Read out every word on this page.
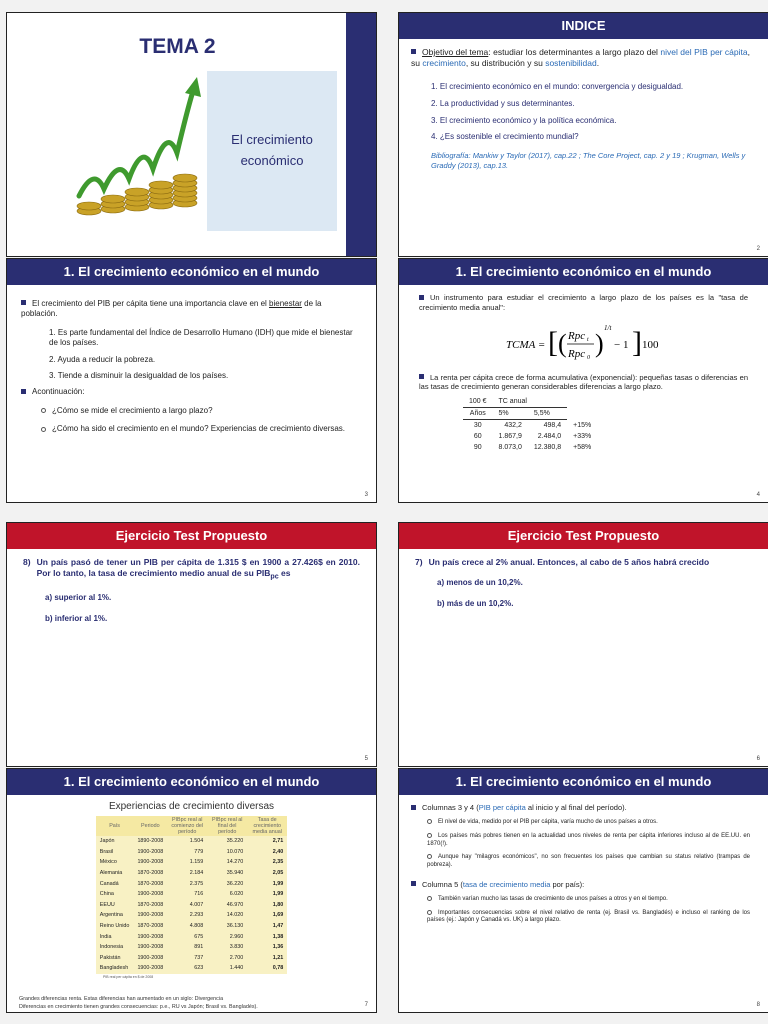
TEMA 2
El crecimiento económico
INDICE
Objetivo del tema: estudiar los determinantes a largo plazo del nivel del PIB per cápita, su crecimiento, su distribución y su sostenibilidad.
1. El crecimiento económico en el mundo: convergencia y desigualdad.
2. La productividad y sus determinantes.
3. El crecimiento económico y la política económica.
4. ¿Es sostenible el crecimiento mundial?
Bibliografía: Mankiw y Taylor (2017), cap.22 ; The Core Project, cap. 2 y 19 ; Krugman, Wells y Graddy (2013), cap.13.
2
1. El crecimiento económico en el mundo
El crecimiento del PIB per cápita tiene una importancia clave en el bienestar de la población.
1. Es parte fundamental del Índice de Desarrollo Humano (IDH) que mide el bienestar de los países.
2. Ayuda a reducir la pobreza.
3. Tiende a disminuir la desigualdad de los países.
Acontinuación:
¿Cómo se mide el crecimiento a largo plazo?
¿Cómo ha sido el crecimiento en el mundo? Experiencias de crecimiento diversas.
3
1. El crecimiento económico en el mundo
Un instrumento para estudiar el crecimiento a largo plazo de los países es la "tasa de crecimiento media anual":
TCMA = [ ( Rpc t
Rpc 0 )
1/t
− 1 ] 100
La renta per cápita crece de forma acumulativa (exponencial): pequeñas tasas o diferencias en las tasas de crecimiento generan considerables diferencias a largo plazo.
100 €	TC anual		
Años	5%	5,5%	
30	432,2	498,4	+15%
60	1.867,9	2.484,0	+33%
90	8.073,0	12.380,8	+58%
4
Ejercicio Test Propuesto
8) Un país pasó de tener un PIB per cápita de 1.315 $ en 1900 a 27.426$ en 2010. Por lo tanto, la tasa de crecimiento medio anual de su $PIB_{pc}$ es
a) superior al 1%.
b) inferior al 1%.
5
Ejercicio Test Propuesto
7) Un país crece al 2% anual. Entonces, al cabo de 5 años habrá crecido
a) menos de un 10,2%.
b) más de un 10,2%.
6
1. El crecimiento económico en el mundo
Experiencias de crecimiento diversas
País	Periodo	PIBpc real al comienzo del período	PIBpc real al final del período	Tasa de crecimiento media anual
Japón	1890-2008	1.504	35.220	2,71
Brasil	1900-2008	779	10.070	2,40
México	1900-2008	1.159	14.270	2,35
Alemania	1870-2008	2.184	35.940	2,05
Canadá	1870-2008	2.375	36.220	1,99
China	1900-2008	716	6.020	1,99
EEUU	1870-2008	4.007	46.970	1,80
Argentina	1900-2008	2.293	14.020	1,69
Reino Unido	1870-2008	4.808	36.130	1,47
India	1900-2008	675	2.960	1,38
Indonesia	1900-2008	891	3.830	1,36
Pakistán	1900-2008	737	2.700	1,21
Bangladesh	1900-2008	623	1.440	0,78
PIB real per cápita en $ de 2008
Grandes diferencias renta. Estas diferencias han aumentado en un siglo: Divergencia
Diferencias en crecimiento tienen grandes consecuencias: p.e., RU vs Japón; Brasil vs. Bangladés).	7
1. El crecimiento económico en el mundo
Columnas 3 y 4 (PIB per cápita al inicio y al final del período).
El nivel de vida, medido por el PIB per cápita, varía mucho de unos países a otros.
Los países más pobres tienen en la actualidad unos niveles de renta per cápita inferiores incluso al de EE.UU. en 1870(!).
Aunque hay "milagros económicos", no son frecuentes los países que cambian su status relativo (trampas de pobreza).
Columna 5 (tasa de crecimiento media por país):
También varían mucho las tasas de crecimiento de unos países a otros y en el tiempo.
Importantes consecuencias sobre el nivel relativo de renta (ej. Brasil vs. Bangladés) e incluso el ranking de los países (ej.: Japón y Canadá vs. UK) a largo plazo.
8
